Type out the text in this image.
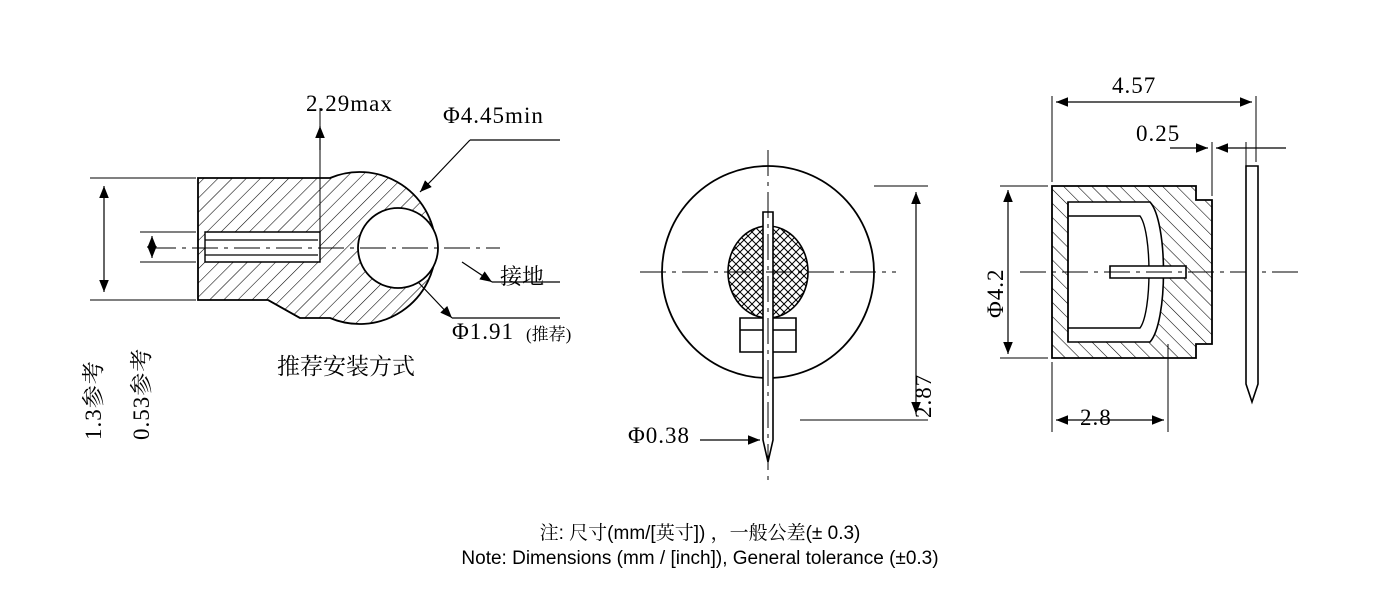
2.29max Φ4.45min
接地
Φ1.91 (推荐)
推荐安装方式
1.3参考 0.53参考	2.87
Φ0.38
4.57
0.25
Φ4.2
2.8
注: 尺寸(mm/[英寸]) ，一般公差(± 0.3)
Note: Dimensions (mm / [inch]), General tolerance (±0.3)
